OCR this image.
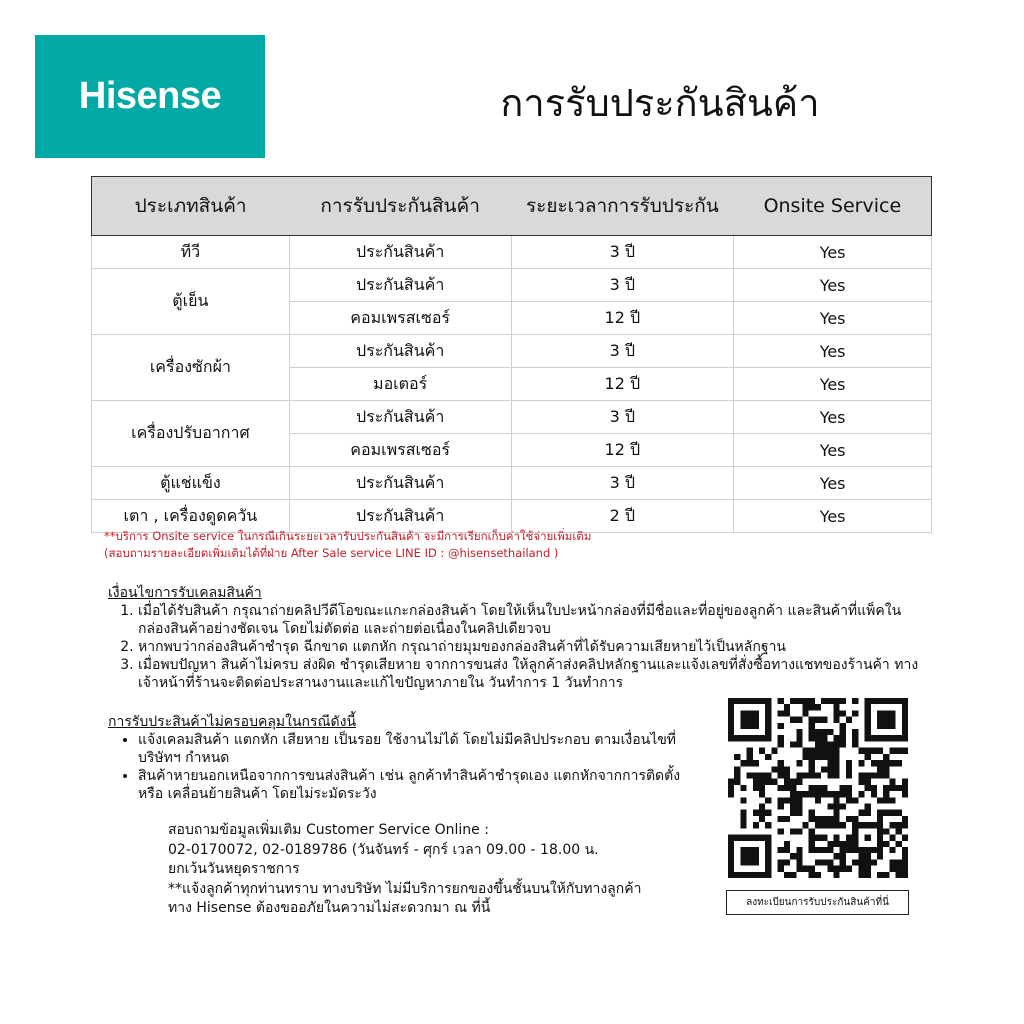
Hisense	การรับประกันสินค้า
ประเภทสินค้า	การรับประกันสินค้า	ระยะเวลาการรับประกัน	Onsite Service
ทีวี	ประกันสินค้า	3 ปี	Yes
ตู้เย็น	ประกันสินค้า	3 ปี	Yes
	คอมเพรสเซอร์	12 ปี	Yes
เครื่องซักผ้า	ประกันสินค้า	3 ปี	Yes
	มอเตอร์	12 ปี	Yes
เครื่องปรับอากาศ	ประกันสินค้า	3 ปี	Yes
	คอมเพรสเซอร์	12 ปี	Yes
ตู้แช่แข็ง	ประกันสินค้า	3 ปี	Yes
เตา , เครื่องดูดควัน	ประกันสินค้า	2 ปี	Yes
**บริการ Onsite service ในกรณีเกินระยะเวลารับประกันสินค้า จะมีการเรียกเก็บค่าใช้จ่ายเพิ่มเติม
(สอบถามรายละเอียดเพิ่มเติมได้ที่ฝ่าย After Sale service LINE ID : @hisensethailand )
เงื่อนไขการรับเคลมสินค้า
1. เมื่อได้รับสินค้า กรุณาถ่ายคลิปวีดีโอขณะแกะกล่องสินค้า โดยให้เห็นใบปะหน้ากล่องที่มีชื่อและที่อยู่ของลูกค้า และสินค้าที่แพ็คในกล่องสินค้าอย่างชัดเจน โดยไม่ตัดต่อ และถ่ายต่อเนื่องในคลิปเดียวจบ
2. หากพบว่ากล่องสินค้าชำรุด ฉีกขาด แตกหัก กรุณาถ่ายมุมของกล่องสินค้าที่ได้รับความเสียหายไว้เป็นหลักฐาน
3. เมื่อพบปัญหา สินค้าไม่ครบ ส่งผิด ชำรุดเสียหาย จากการขนส่ง ให้ลูกค้าส่งคลิปหลักฐานและแจ้งเลขที่สั่งซื้อทางแชทของร้านค้า ทางเจ้าหน้าที่ร้านจะติดต่อประสานงานและแก้ไขปัญหาภายใน วันทำการ 1 วันทำการ
การรับประสินค้าไม่ครอบคลุมในกรณีดังนี้
• แจ้งเคลมสินค้า แตกหัก เสียหาย เป็นรอย ใช้งานไม่ได้ โดยไม่มีคลิปประกอบ ตามเงื่อนไขที่บริษัทฯ กำหนด
• สินค้าหายนอกเหนือจากการขนส่งสินค้า เช่น ลูกค้าทำสินค้าชำรุดเอง แตกหักจากการติดตั้ง หรือ เคลื่อนย้ายสินค้า โดยไม่ระมัดระวัง
สอบถามข้อมูลเพิ่มเติม Customer Service Online :
02-0170072, 02-0189786 (วันจันทร์ - ศุกร์ เวลา 09.00 - 18.00 น.
ยกเว้นวันหยุดราชการ
**แจ้งลูกค้าทุกท่านทราบ ทางบริษัท ไม่มีบริการยกของขึ้นชั้นบนให้กับทางลูกค้า
ทาง Hisense ต้องขออภัยในความไม่สะดวกมา ณ ที่นี้	ลงทะเบียนการรับประกันสินค้าที่นี่
